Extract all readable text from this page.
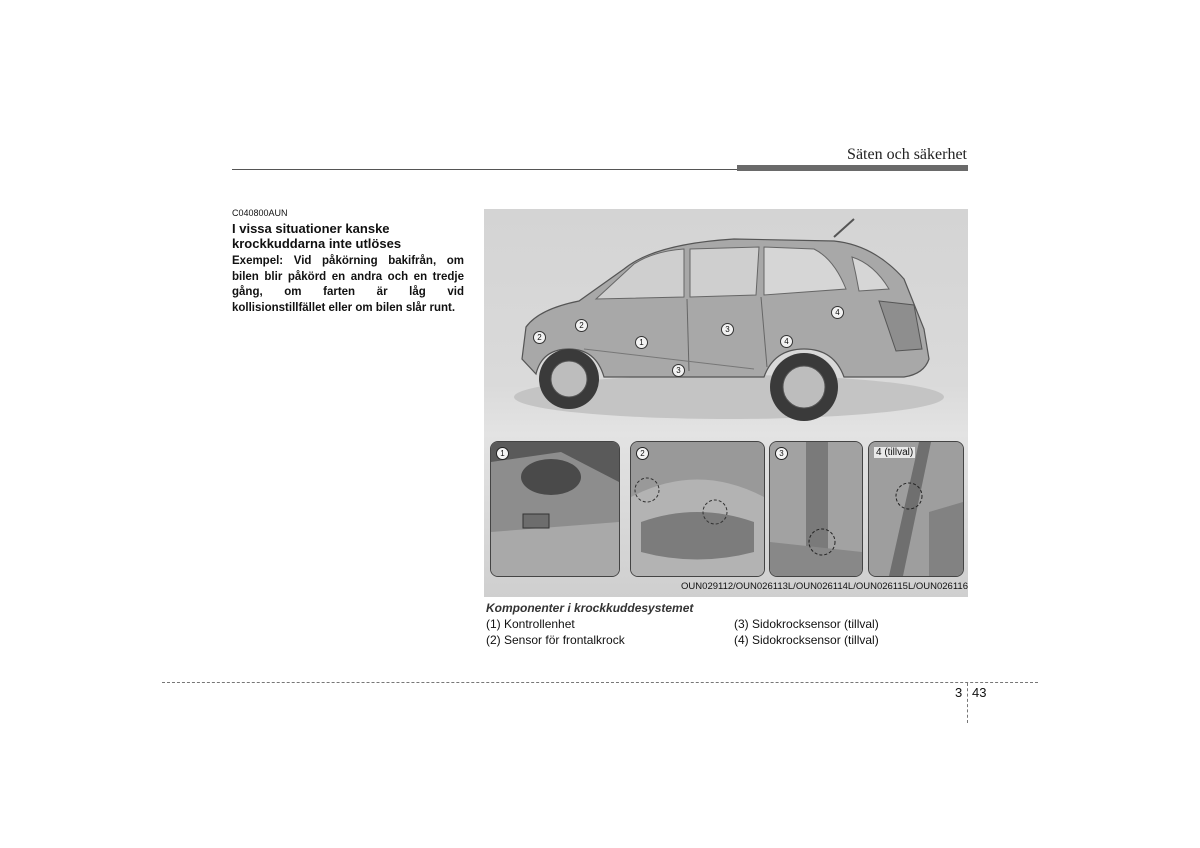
Säten och säkerhet
C040800AUN
I vissa situationer kanske krockkuddarna inte utlöses
Exempel: Vid påkörning bakifrån, om bilen blir påkörd en andra och en tredje gång, om farten är låg vid kollisionstillfället eller om bilen slår runt.
1
2
2	3
3
4
4
1	2	3	4 (tillval)
OUN029112/OUN026113L/OUN026114L/OUN026115L/OUN026116
Komponenter i krockkuddesystemet
(1) Kontrollenhet
(2) Sensor för frontalkrock
(3) Sidokrocksensor (tillval)
(4) Sidokrocksensor (tillval)
3 43
